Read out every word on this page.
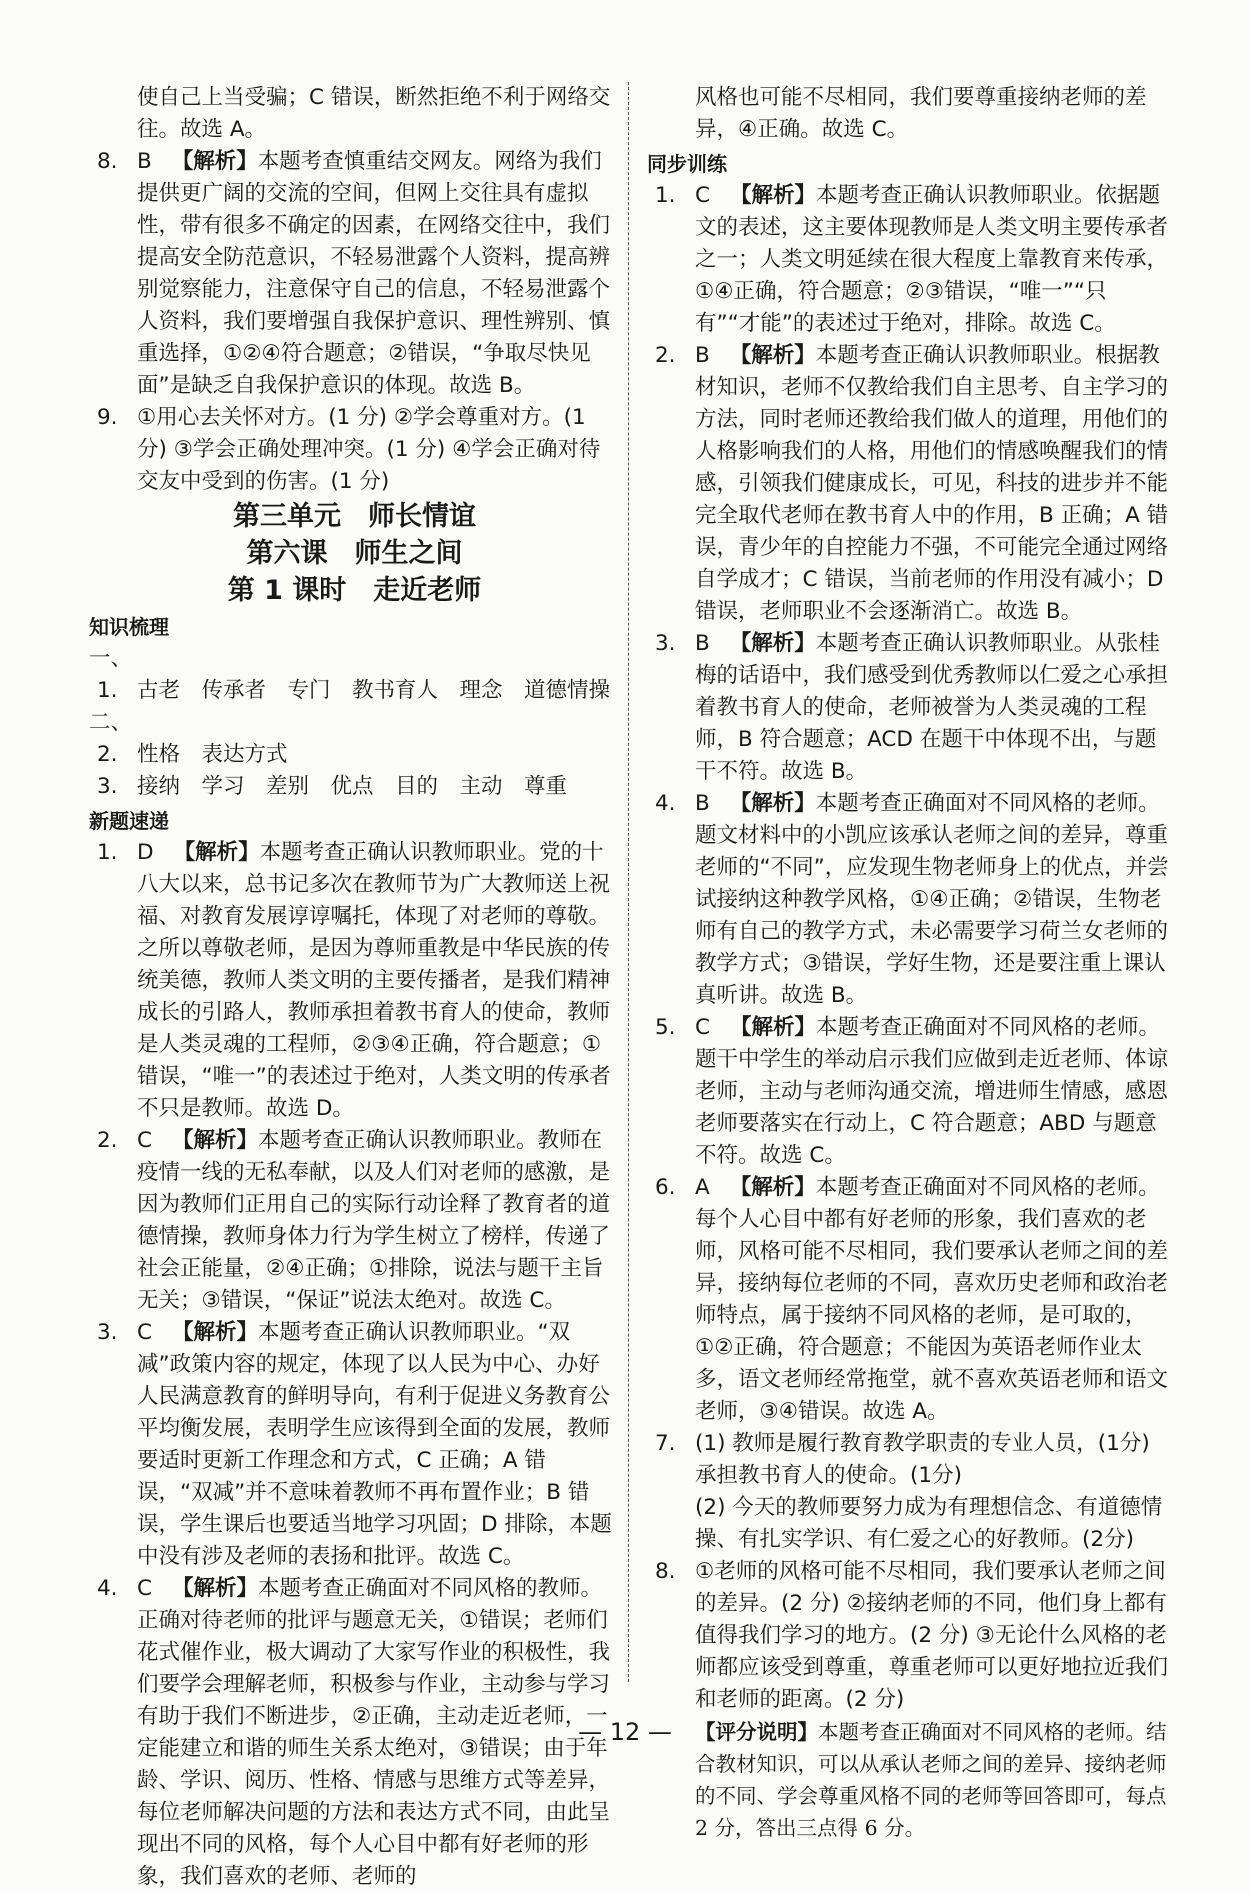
使自己上当受骗；C 错误，断然拒绝不利于网络交往。故选 A。

8. B 【解析】本题考查慎重结交网友。网络为我们提供更广阔的交流的空间，但网上交往具有虚拟性，带有很多不确定的因素，在网络交往中，我们提高安全防范意识，不轻易泄露个人资料，提高辨别觉察能力，注意保守自己的信息，不轻易泄露个人资料，我们要增强自我保护意识、理性辨别、慎重选择，①②④符合题意；②错误，“争取尽快见面”是缺乏自我保护意识的体现。故选 B。
9. ①用心去关怀对方。(1 分) ②学会尊重对方。(1分) ③学会正确处理冲突。(1 分) ④学会正确对待交友中受到的伤害。(1 分)

第三单元　师长情谊

第六课　师生之间

第 1 课时　走近老师

知识梳理

一、

1. 古老　传承者　专门　教书育人　理念　道德情操

二、

2. 性格　表达方式
3. 接纳　学习　差别　优点　目的　主动　尊重

新题速递

1. D 【解析】本题考查正确认识教师职业。党的十八大以来，总书记多次在教师节为广大教师送上祝福、对教育发展谆谆嘱托，体现了对老师的尊敬。之所以尊敬老师，是因为尊师重教是中华民族的传统美德，教师人类文明的主要传播者，是我们精神成长的引路人，教师承担着教书育人的使命，教师是人类灵魂的工程师，②③④正确，符合题意；①错误，“唯一”的表述过于绝对，人类文明的传承者不只是教师。故选 D。
2. C 【解析】本题考查正确认识教师职业。教师在疫情一线的无私奉献，以及人们对老师的感激，是因为教师们正用自己的实际行动诠释了教育者的道德情操，教师身体力行为学生树立了榜样，传递了社会正能量，②④正确；①排除，说法与题干主旨无关；③错误，“保证”说法太绝对。故选 C。
3. C 【解析】本题考查正确认识教师职业。“双减”政策内容的规定，体现了以人民为中心、办好人民满意教育的鲜明导向，有利于促进义务教育公平均衡发展，表明学生应该得到全面的发展，教师要适时更新工作理念和方式，C 正确；A 错误，“双减”并不意味着教师不再布置作业；B 错误，学生课后也要适当地学习巩固；D 排除，本题中没有涉及老师的表扬和批评。故选 C。
4. C 【解析】本题考查正确面对不同风格的教师。正确对待老师的批评与题意无关，①错误；老师们花式催作业，极大调动了大家写作业的积极性，我们要学会理解老师，积极参与作业，主动参与学习有助于我们不断进步，②正确，主动走近老师，一定能建立和谐的师生关系太绝对，③错误；由于年龄、学识、阅历、性格、情感与思维方式等差异，每位老师解决问题的方法和表达方式不同，由此呈现出不同的风格，每个人心目中都有好老师的形象，我们喜欢的老师、老师的

风格也可能不尽相同，我们要尊重接纳老师的差异，④正确。故选 C。

同步训练

1. C 【解析】本题考查正确认识教师职业。依据题文的表述，这主要体现教师是人类文明主要传承者之一；人类文明延续在很大程度上靠教育来传承，①④正确，符合题意；②③错误，“唯一”“只有”“才能”的表述过于绝对，排除。故选 C。
2. B 【解析】本题考查正确认识教师职业。根据教材知识，老师不仅教给我们自主思考、自主学习的方法，同时老师还教给我们做人的道理，用他们的人格影响我们的人格，用他们的情感唤醒我们的情感，引领我们健康成长，可见，科技的进步并不能完全取代老师在教书育人中的作用，B 正确；A 错误，青少年的自控能力不强，不可能完全通过网络自学成才；C 错误，当前老师的作用没有减小；D 错误，老师职业不会逐渐消亡。故选 B。
3. B 【解析】本题考查正确认识教师职业。从张桂梅的话语中，我们感受到优秀教师以仁爱之心承担着教书育人的使命，老师被誉为人类灵魂的工程师，B 符合题意；ACD 在题干中体现不出，与题干不符。故选 B。
4. B 【解析】本题考查正确面对不同风格的老师。题文材料中的小凯应该承认老师之间的差异，尊重老师的“不同”，应发现生物老师身上的优点，并尝试接纳这种教学风格，①④正确；②错误，生物老师有自己的教学方式，未必需要学习荷兰女老师的教学方式；③错误，学好生物，还是要注重上课认真听讲。故选 B。
5. C 【解析】本题考查正确面对不同风格的老师。题干中学生的举动启示我们应做到走近老师、体谅老师，主动与老师沟通交流，增进师生情感，感恩老师要落实在行动上，C 符合题意；ABD 与题意不符。故选 C。
6. A 【解析】本题考查正确面对不同风格的老师。每个人心目中都有好老师的形象，我们喜欢的老师，风格可能不尽相同，我们要承认老师之间的差异，接纳每位老师的不同，喜欢历史老师和政治老师特点，属于接纳不同风格的老师，是可取的，①②正确，符合题意；不能因为英语老师作业太多，语文老师经常拖堂，就不喜欢英语老师和语文老师，③④错误。故选 A。
7. (1) 教师是履行教育教学职责的专业人员，(1分) 承担教书育人的使命。(1分)
(2) 今天的教师要努力成为有理想信念、有道德情操、有扎实学识、有仁爱之心的好教师。(2分)
8. ①老师的风格可能不尽相同，我们要承认老师之间的差异。(2 分) ②接纳老师的不同，他们身上都有值得我们学习的地方。(2 分) ③无论什么风格的老师都应该受到尊重，尊重老师可以更好地拉近我们和老师的距离。(2 分)

【评分说明】本题考查正确面对不同风格的老师。结合教材知识，可以从承认老师之间的差异、接纳老师的不同、学会尊重风格不同的老师等回答即可，每点 2 分，答出三点得 6 分。

— 12 —
